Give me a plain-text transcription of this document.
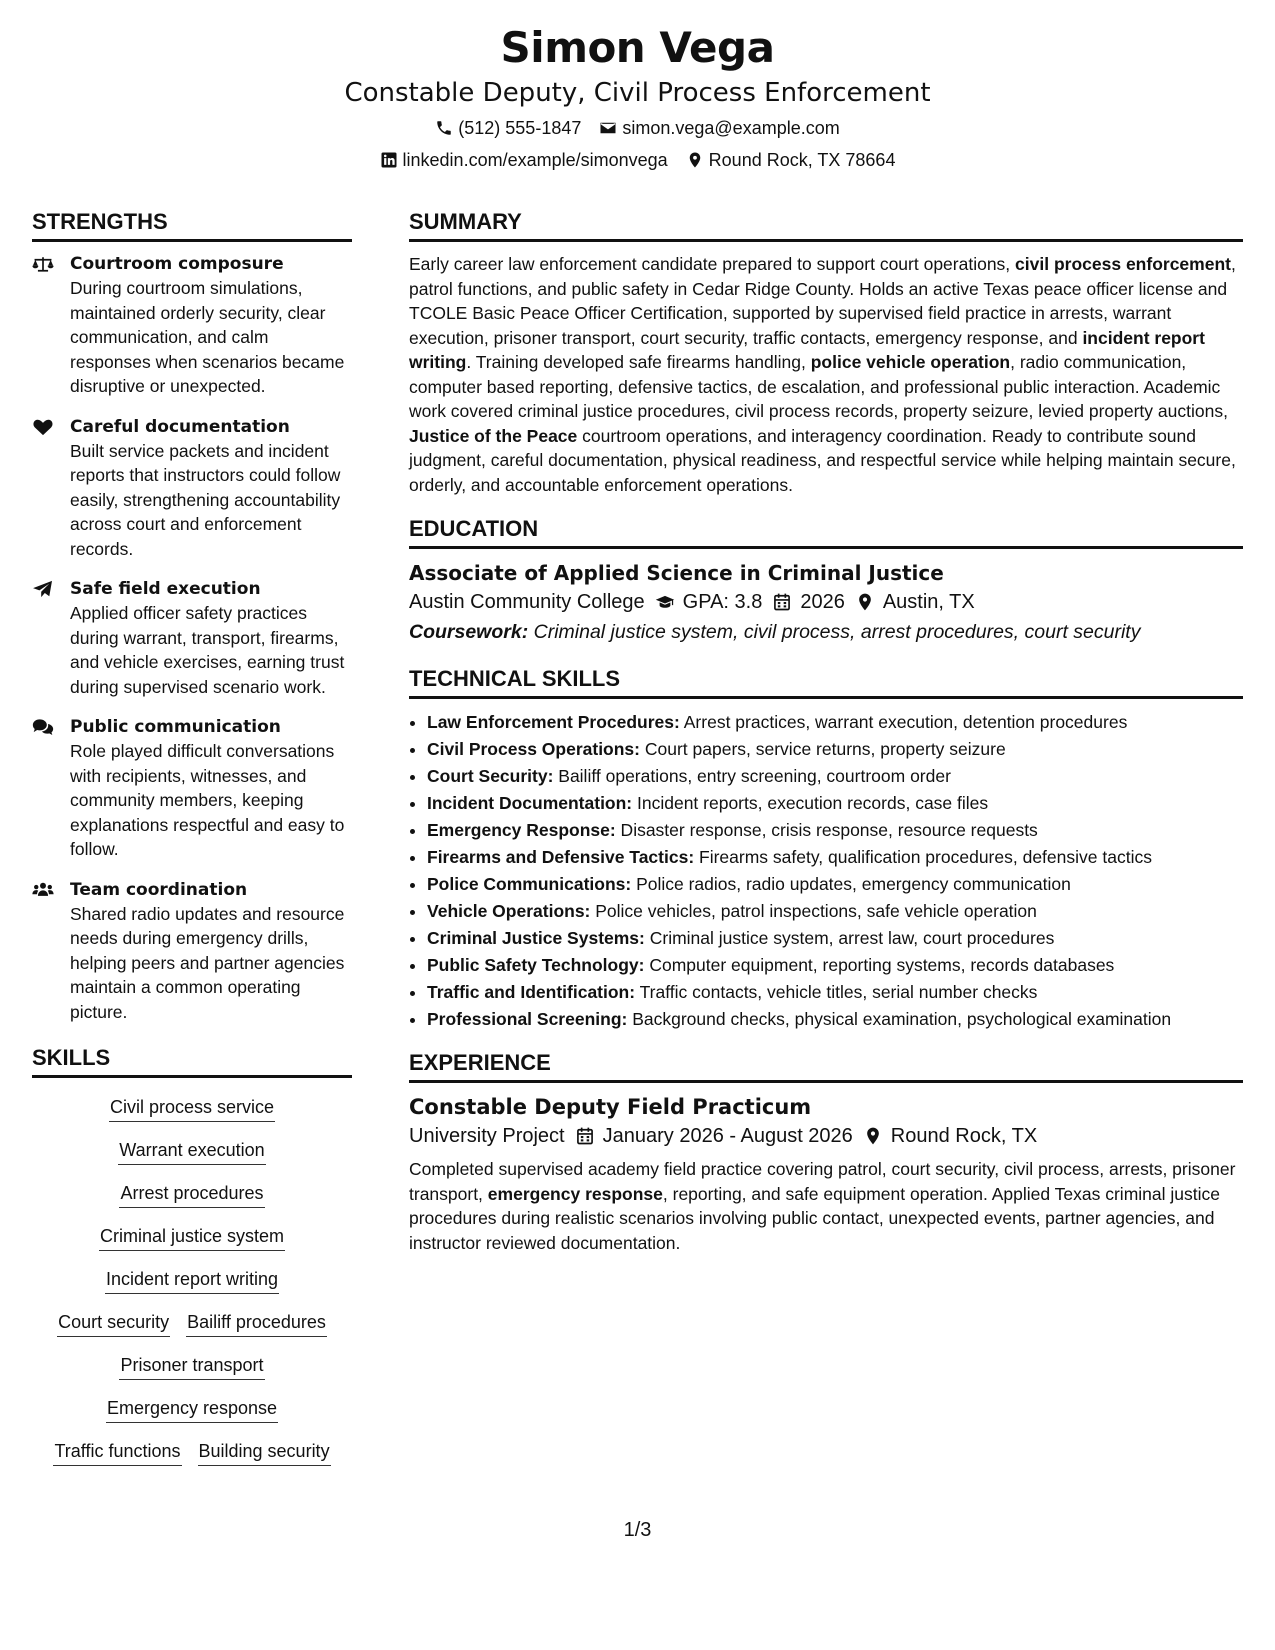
Simon Vega
Constable Deputy, Civil Process Enforcement
(512) 555-1847 simon.vega@example.com
linkedin.com/example/simonvega Round Rock, TX 78664
STRENGTHS
Courtroom composure
During courtroom simulations, maintained orderly security, clear communication, and calm responses when scenarios became disruptive or unexpected.
Careful documentation
Built service packets and incident reports that instructors could follow easily, strengthening accountability across court and enforcement records.
Safe field execution
Applied officer safety practices during warrant, transport, firearms, and vehicle exercises, earning trust during supervised scenario work.
Public communication
Role played difficult conversations with recipients, witnesses, and community members, keeping explanations respectful and easy to follow.
Team coordination
Shared radio updates and resource needs during emergency drills, helping peers and partner agencies maintain a common operating picture.
SKILLS
Civil process service
Warrant execution
Arrest procedures
Criminal justice system
Incident report writing
Court security Bailiff procedures
Prisoner transport
Emergency response
Traffic functions Building security
SUMMARY
Early career law enforcement candidate prepared to support court operations, civil process enforcement, patrol functions, and public safety in Cedar Ridge County. Holds an active Texas peace officer license and TCOLE Basic Peace Officer Certification, supported by supervised field practice in arrests, warrant execution, prisoner transport, court security, traffic contacts, emergency response, and incident report writing. Training developed safe firearms handling, police vehicle operation, radio communication, computer based reporting, defensive tactics, de escalation, and professional public interaction. Academic work covered criminal justice procedures, civil process records, property seizure, levied property auctions, Justice of the Peace courtroom operations, and interagency coordination. Ready to contribute sound judgment, careful documentation, physical readiness, and respectful service while helping maintain secure, orderly, and accountable enforcement operations.
EDUCATION
Associate of Applied Science in Criminal Justice
Austin Community College GPA: 3.8 2026 Austin, TX
Coursework: Criminal justice system, civil process, arrest procedures, court security
TECHNICAL SKILLS
• Law Enforcement Procedures: Arrest practices, warrant execution, detention procedures
• Civil Process Operations: Court papers, service returns, property seizure
• Court Security: Bailiff operations, entry screening, courtroom order
• Incident Documentation: Incident reports, execution records, case files
• Emergency Response: Disaster response, crisis response, resource requests
• Firearms and Defensive Tactics: Firearms safety, qualification procedures, defensive tactics
• Police Communications: Police radios, radio updates, emergency communication
• Vehicle Operations: Police vehicles, patrol inspections, safe vehicle operation
• Criminal Justice Systems: Criminal justice system, arrest law, court procedures
• Public Safety Technology: Computer equipment, reporting systems, records databases
• Traffic and Identification: Traffic contacts, vehicle titles, serial number checks
• Professional Screening: Background checks, physical examination, psychological examination
EXPERIENCE
Constable Deputy Field Practicum
University Project January 2026 - August 2026 Round Rock, TX
Completed supervised academy field practice covering patrol, court security, civil process, arrests, prisoner transport, emergency response, reporting, and safe equipment operation. Applied Texas criminal justice procedures during realistic scenarios involving public contact, unexpected events, partner agencies, and instructor reviewed documentation.
1/3
